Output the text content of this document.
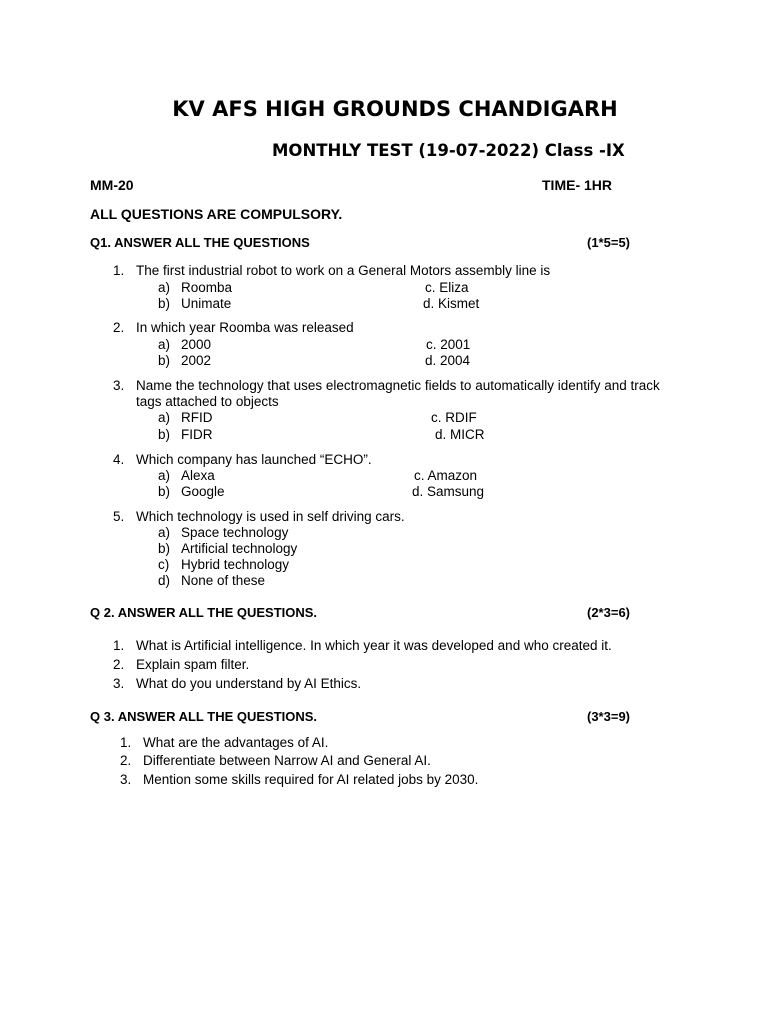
KV AFS HIGH GROUNDS CHANDIGARH
MONTHLY TEST (19-07-2022) Class -IX
MM-20	TIME- 1HR
ALL QUESTIONS ARE COMPULSORY.
Q1. ANSWER ALL THE QUESTIONS	(1*5=5)
1. The first industrial robot to work on a General Motors assembly line is
a) Roomba
b) Unimate
c. Eliza
d. Kismet
2. In which year Roomba was released
a) 2000
b) 2002
c. 2001
d. 2004
3. Name the technology that uses electromagnetic fields to automatically identify and track
tags attached to objects
a) RFID
b) FIDR
c. RDIF
d. MICR
4. Which company has launched “ECHO”.
a) Alexa
b) Google
c. Amazon
d. Samsung
5. Which technology is used in self driving cars.
a) Space technology
b) Artificial technology
c) Hybrid technology
d) None of these
Q 2. ANSWER ALL THE QUESTIONS.	(2*3=6)
1. What is Artificial intelligence. In which year it was developed and who created it.
2. Explain spam filter.
3. What do you understand by AI Ethics.
Q 3. ANSWER ALL THE QUESTIONS.	(3*3=9)
1. What are the advantages of AI.
2. Differentiate between Narrow AI and General AI.
3. Mention some skills required for AI related jobs by 2030.
